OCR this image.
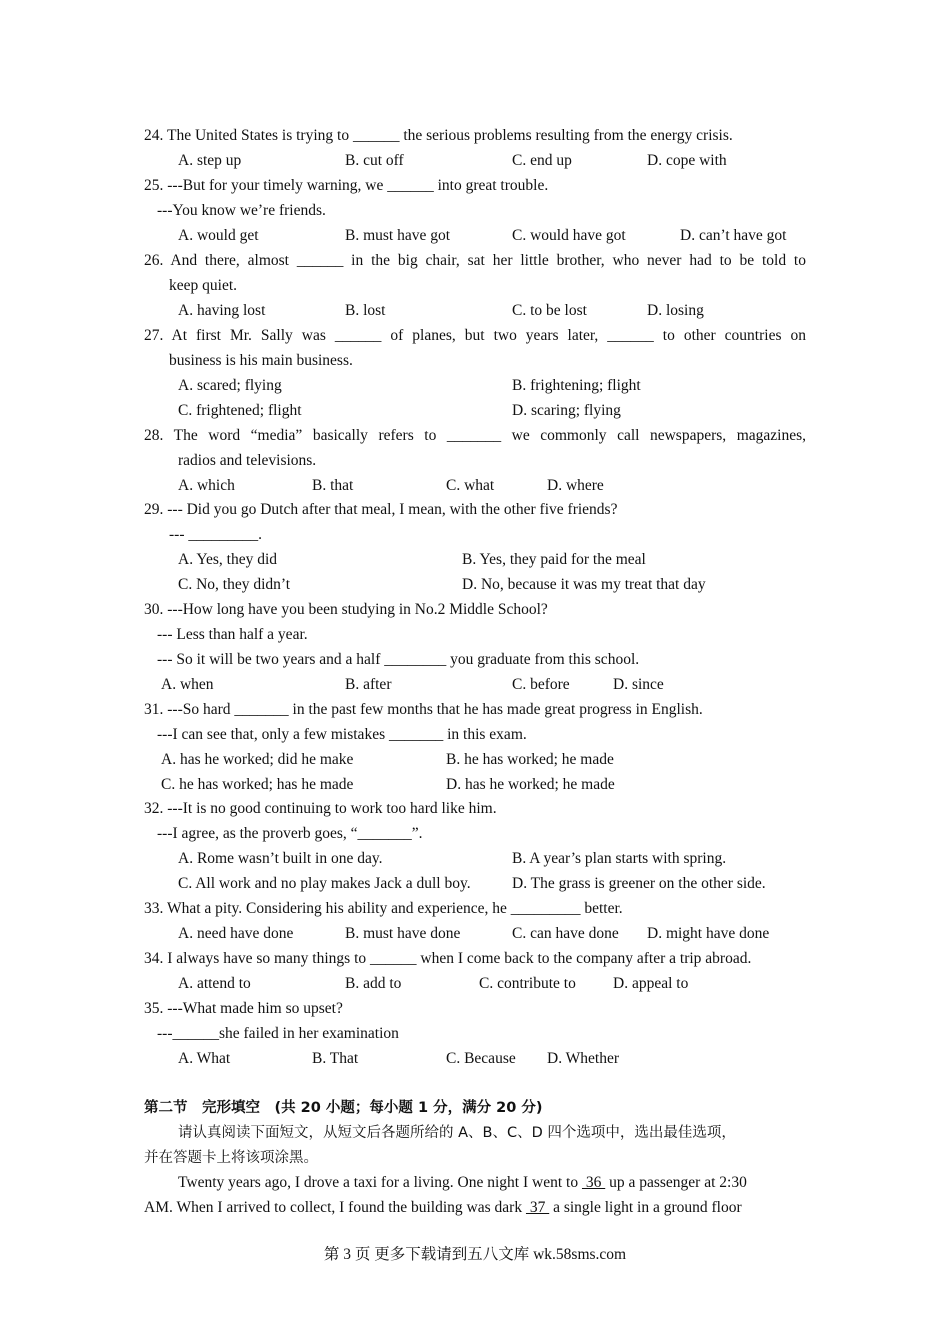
24. The United States is trying to ______ the serious problems resulting from the energy crisis.
A. step up	B. cut off	C. end up	D. cope with
25. ---But for your timely warning, we ______ into great trouble.
---You know we’re friends.
A. would get	B. must have got	C. would have got	D. can’t have got
26. And there, almost ______ in the big chair, sat her little brother, who never had to be told to
keep quiet.
A. having lost	B. lost	C. to be lost	D. losing
27. At first Mr. Sally was ______ of planes, but two years later, ______ to other countries on
business is his main business.
A. scared; flying	B. frightening; flight
C. frightened; flight	D. scaring; flying
28. The word “media” basically refers to _______ we commonly call newspapers, magazines,
radios and televisions.
A. which	B. that	C. what	D. where
29. --- Did you go Dutch after that meal, I mean, with the other five friends?
--- _________.
A. Yes, they did	B. Yes, they paid for the meal
C. No, they didn’t	D. No, because it was my treat that day
30. ---How long have you been studying in No.2 Middle School?
--- Less than half a year.
--- So it will be two years and a half ________ you graduate from this school.
A. when	B. after	C. before	D. since
31. ---So hard _______ in the past few months that he has made great progress in English.
---I can see that, only a few mistakes _______ in this exam.
A. has he worked; did he make	B. he has worked; he made
C. he has worked; has he made	D. has he worked; he made
32. ---It is no good continuing to work too hard like him.
---I agree, as the proverb goes, “_______”.
A. Rome wasn’t built in one day.	B. A year’s plan starts with spring.
C. All work and no play makes Jack a dull boy.	D. The grass is greener on the other side.
33. What a pity. Considering his ability and experience, he _________ better.
A. need have done	B. must have done	C. can have done D. might have done
34. I always have so many things to ______ when I come back to the company after a trip abroad.
A. attend to	B. add to	C. contribute to D. appeal to
35. ---What made him so upset?
---______she failed in her examination
A. What	B. That	C. Because D. Whether
第二节　完形填空　(共 20 小题；每小题 1 分，满分 20 分)
请认真阅读下面短文，从短文后各题所给的 A、B、C、D 四个选项中，选出最佳选项，
并在答题卡上将该项涂黑。
Twenty years ago, I drove a taxi for a living. One night I went to  36  up a passenger at 2:30
AM. When I arrived to collect, I found the building was dark  37  a single light in a ground floor
第 3 页 更多下载请到五八文库 wk.58sms.com
